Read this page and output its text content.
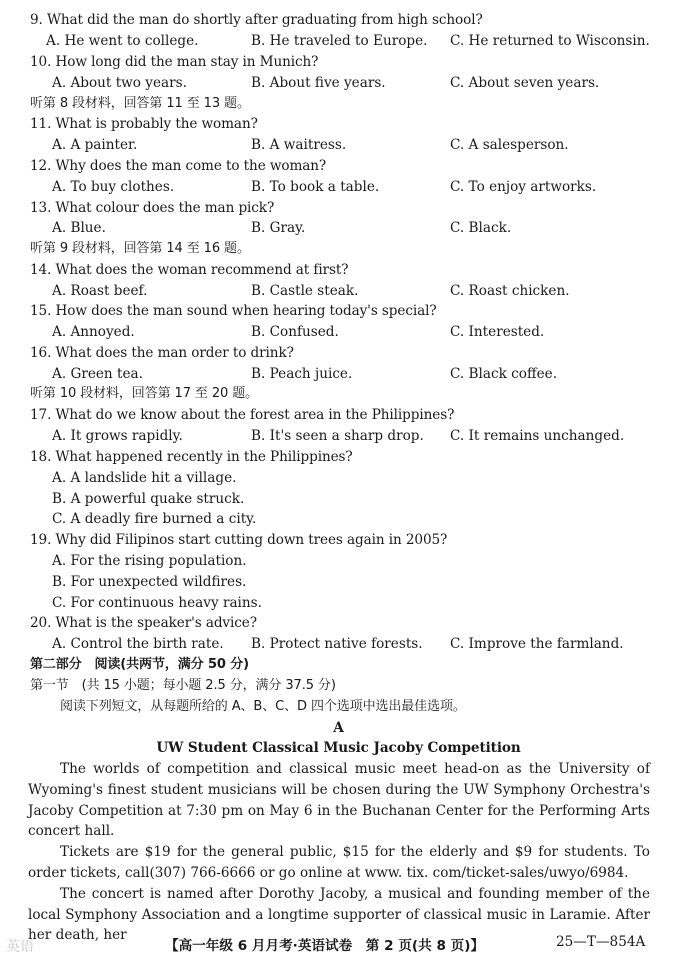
9. What did the man do shortly after graduating from high school?
A. He went to college.	B. He traveled to Europe. C. He returned to Wisconsin.
10. How long did the man stay in Munich?
A. About two years.	B. About five years.	C. About seven years.
听第 8 段材料，回答第 11 至 13 题。
11. What is probably the woman?
A. A painter.	B. A waitress.	C. A salesperson.
12. Why does the man come to the woman?
A. To buy clothes.	B. To book a table.	C. To enjoy artworks.
13. What colour does the man pick?
A. Blue.	B. Gray.	C. Black.
听第 9 段材料，回答第 14 至 16 题。
14. What does the woman recommend at first?
A. Roast beef.	B. Castle steak.	C. Roast chicken.
15. How does the man sound when hearing today's special?
A. Annoyed.	B. Confused.	C. Interested.
16. What does the man order to drink?
A. Green tea.	B. Peach juice.	C. Black coffee.
听第 10 段材料，回答第 17 至 20 题。
17. What do we know about the forest area in the Philippines?
A. It grows rapidly.	B. It's seen a sharp drop. C. It remains unchanged.
18. What happened recently in the Philippines?
A. A landslide hit a village.
B. A powerful quake struck.
C. A deadly fire burned a city.
19. Why did Filipinos start cutting down trees again in 2005?
A. For the rising population.
B. For unexpected wildfires.
C. For continuous heavy rains.
20. What is the speaker's advice?
A. Control the birth rate. B. Protect native forests. C. Improve the farmland.
第二部分　阅读(共两节，满分 50 分)
第一节　(共 15 小题；每小题 2.5 分，满分 37.5 分)
阅读下列短文，从每题所给的 A、B、C、D 四个选项中选出最佳选项。
A
UW Student Classical Music Jacoby Competition

The worlds of competition and classical music meet head-on as the University of Wyoming's finest student musicians will be chosen during the UW Symphony Orchestra's Jacoby Competition at 7:30 pm on May 6 in the Buchanan Center for the Performing Arts concert hall.

Tickets are $19 for the general public, $15 for the elderly and $9 for students. To order tickets, call(307) 766-6666 or go online at www. tix. com/ticket-sales/uwyo/6984.

The concert is named after Dorothy Jacoby, a musical and founding member of the local Symphony Association and a longtime supporter of classical music in Laramie. After her death, her

英语	【高一年级 6 月月考·英语试卷　第 2 页(共 8 页)】	25—T—854A
